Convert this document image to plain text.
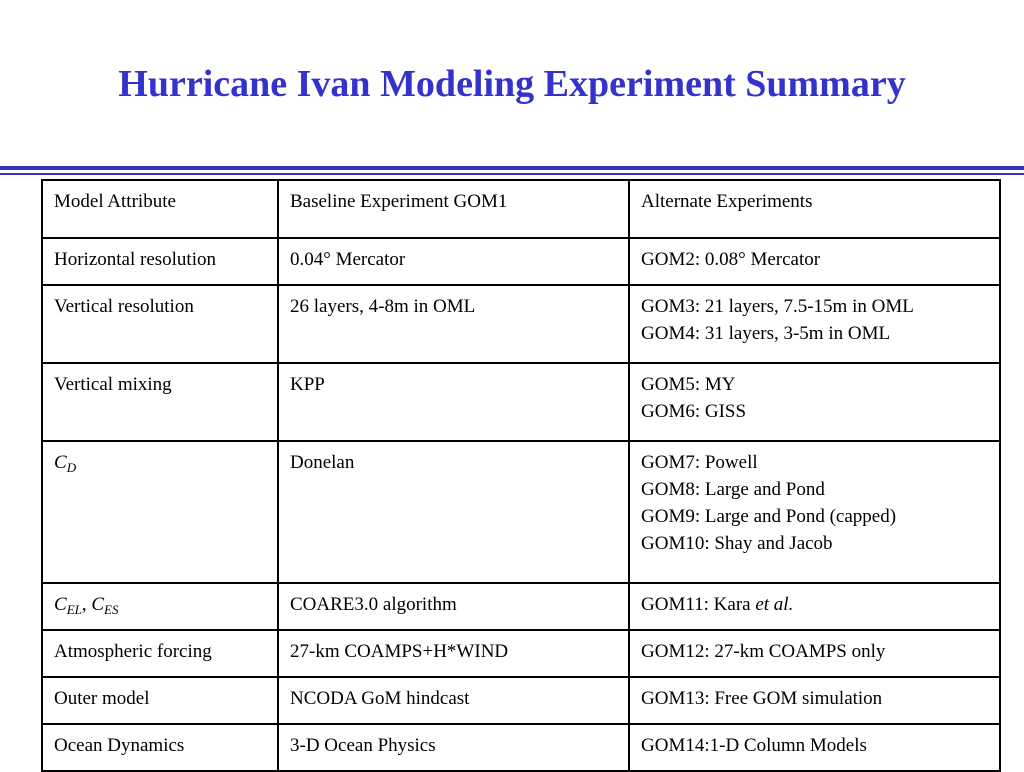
Hurricane Ivan Modeling Experiment Summary
Model Attribute	Baseline Experiment GOM1	Alternate Experiments
Horizontal resolution	0.04° Mercator	GOM2: 0.08° Mercator

Vertical resolution	26 layers, 4-8m in OML	GOM3: 21 layers, 7.5-15m in OML
GOM4: 31 layers, 3-5m in OML

Vertical mixing	KPP	GOM5: MY
GOM6: GISS

$C_D$	Donelan	GOM7: Powell
GOM8: Large and Pond
GOM9: Large and Pond (capped)
GOM10: Shay and Jacob

$C_{EL}$, $C_{ES}$	COARE3.0 algorithm	GOM11: Kara et al.
Atmospheric forcing	27-km COAMPS+H*WIND	GOM12: 27-km COAMPS only

Outer model	NCODA GoM hindcast	GOM13: Free GOM simulation

Ocean Dynamics	3-D Ocean Physics	GOM14:1-D Column Models
